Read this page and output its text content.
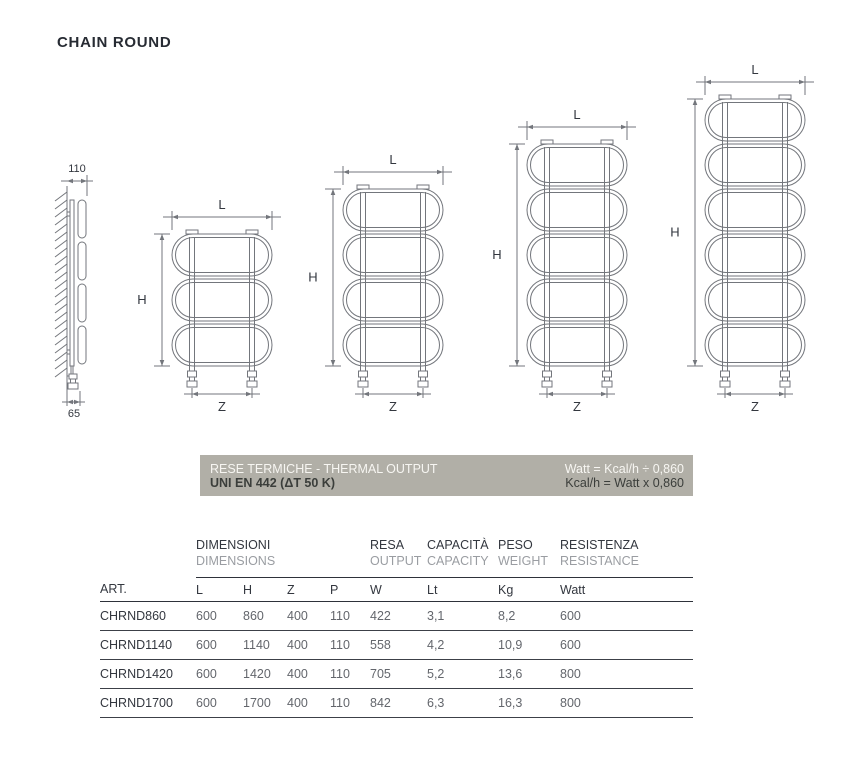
CHAIN ROUND
110
65
L
H
Z
L
H
Z
L
H
Z
L
H
Z
RESE TERMICHE - THERMAL OUTPUT
UNI EN 442 (ΔT 50 K)
Watt = Kcal/h ÷ 0,860
Kcal/h = Watt x 0,860

DIMENSIONI
DIMENSIONS

RESA
OUTPUT

CAPACITÀ
CAPACITY

PESO
WEIGHT

RESISTENZA
RESISTANCE

ART.	L	H	Z	P	W	Lt	Kg	Watt
CHRND860	600	860	400	110	422	3,1	8,2	600
CHRND1140	600	1140	400	110	558	4,2	10,9	600
CHRND1420	600	1420	400	110	705	5,2	13,6	800
CHRND1700	600	1700	400	110	842	6,3	16,3	800
